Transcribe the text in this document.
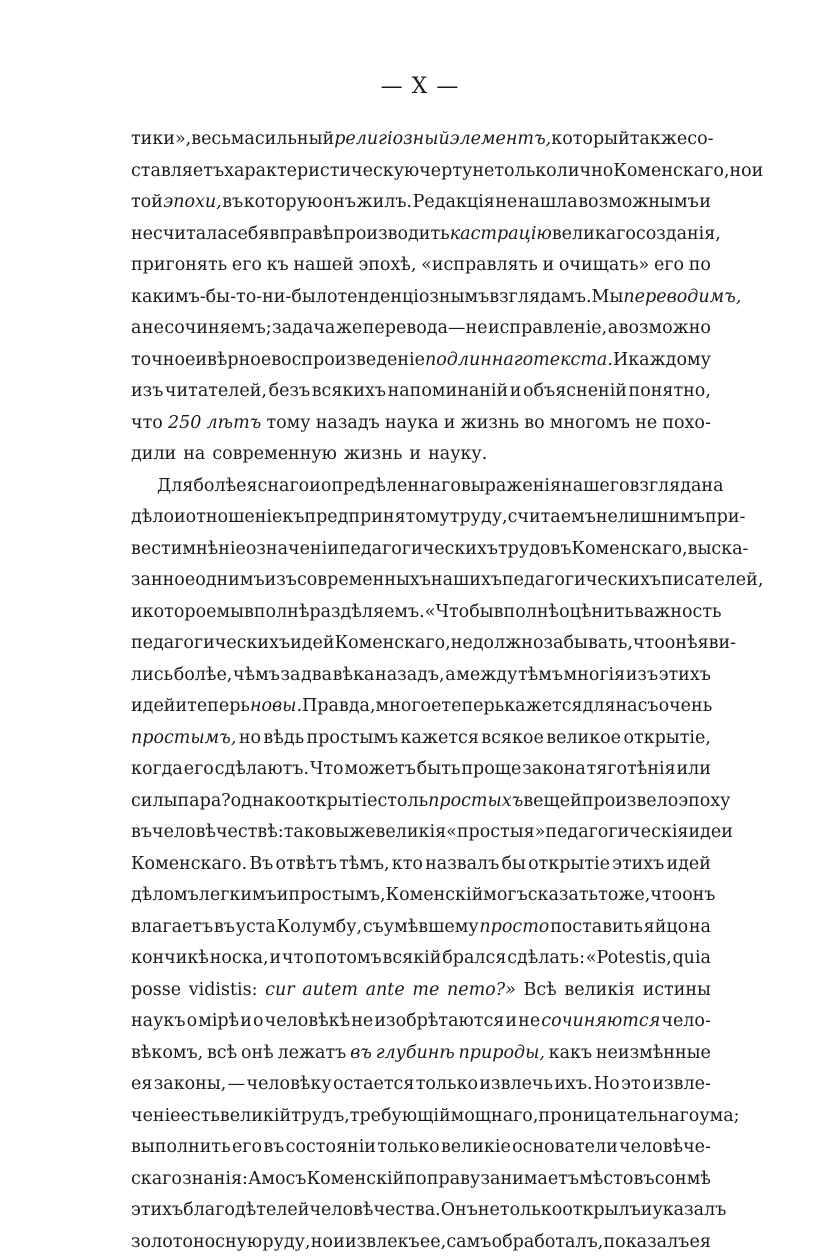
— X —
тики», весьма сильный религiозный элементъ, который также со-
ставляетъ характеристическую черту не только лично Коменскаго, но и
той эпохи, въ которую онъ жилъ. Редакцiя не нашла возможнымъ и
не считала себя вправѣ производить кастрацiю великаго созданiя,
пригонять его къ нашей эпохѣ, «исправлять и очищать» его по
какимъ-бы-то-ни-было тенденцiознымъ взглядамъ. Мы переводимъ,
а не сочиняемъ; задача же перевода—не исправленiе, а возможно
точное и вѣрное воспроизведенiе подлиннаго текста. И каждому
изъ читателей, безъ всякихъ напоминанiй и объясненiй понятно,
что 250 лѣтъ тому назадъ наука и жизнь во многомъ не похо-
дили на современную жизнь и науку.
Для болѣе яснаго и опредѣленнаго выраженiя нашего взгляда на
дѣло и отношенiе къ предпринятому труду, считаемъ не лишнимъ при-
вести мнѣнiе о значенiи педагогическихъ трудовъ Коменскаго, выска-
занное однимъ изъ современныхъ нашихъ педагогическихъ писателей,
и которое мы вполнѣ раздѣляемъ. «Чтобы вполнѣ оцѣнить важность
педагогическихъ идей Коменскаго, не должно забывать, что онѣ яви-
лись болѣе, чѣмъ за два вѣка назадъ, а между тѣмъ многiя изъ этихъ
идей и теперь новы. Правда, многое теперь кажется для насъ очень
простымъ, но вѣдь простымъ кажется всякое великое открытiе,
когда его сдѣлаютъ. Что можетъ быть проще закона тяготѣнiя или
силы пара? однако открытiе столь простыхъ вещей произвело эпоху
въ человѣчествѣ: таковы же великiя «простыя» педагогическiя идеи
Коменскаго. Въ отвѣтъ тѣмъ, кто назвалъ бы открытiе этихъ идей
дѣломъ легкимъ и простымъ, Коменскiй могъ сказать то же, что онъ
влагаетъ въ уста Колумбу, съумѣвшему просто поставить яйцо на
кончикѣ носка, и что потомъ всякiй брался сдѣлать: «Potestis, quia
posse vidistis: cur autem ante me nemo?» Всѣ великiя истины
наукъ о мiрѣ и о человѣкѣ не изобрѣтаются и не сочиняются чело-
вѣкомъ, всѣ онѣ лежатъ въ глубинѣ природы, какъ неизмѣнные
ея законы, — человѣку остается только извлечь ихъ. Но это извле-
ченiе есть великiй трудъ, требующiй мощнаго, проницательнаго ума;
выполнить его въ состоянiи только великiе основатели человѣче-
скаго знанiя: Амосъ Коменскiй по праву занимаетъ мѣсто въ сонмѣ
этихъ благодѣтелей человѣчества. Онъ не только открылъ и указалъ
золотоносную руду, но и извлекъ ее, самъ обработалъ, показалъ ея
